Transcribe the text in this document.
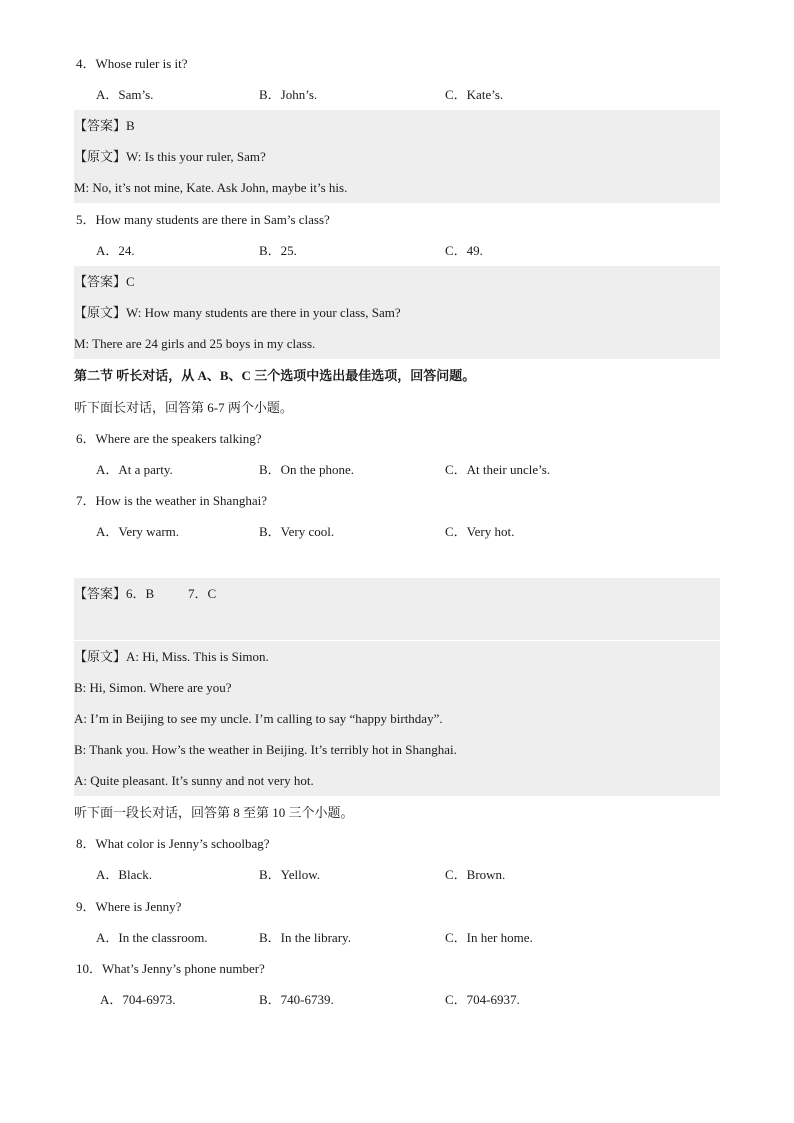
4．Whose ruler is it?
A．Sam’s.	B．John’s.	C．Kate’s.
【答案】B
【原文】W: Is this your ruler, Sam?
M: No, it’s not mine, Kate. Ask John, maybe it’s his.
5．How many students are there in Sam’s class?
A．24.	B．25.	C．49.
【答案】C
【原文】W: How many students are there in your class, Sam?
M: There are 24 girls and 25 boys in my class.
第二节 听长对话，从 A、B、C 三个选项中选出最佳选项，回答问题。
听下面长对话，回答第 6-7 两个小题。
6．Where are the speakers talking?
A．At a party.	B．On the phone.	C．At their uncle’s.
7．How is the weather in Shanghai?
A．Very warm.	B．Very cool.	C．Very hot.
【答案】6．B	7．C
【原文】A: Hi, Miss. This is Simon.
B: Hi, Simon. Where are you?
A: I’m in Beijing to see my uncle. I’m calling to say “happy birthday”.
B: Thank you. How’s the weather in Beijing. It’s terribly hot in Shanghai.
A: Quite pleasant. It’s sunny and not very hot.
听下面一段长对话，回答第 8 至第 10 三个小题。
8．What color is Jenny’s schoolbag?
A．Black.	B．Yellow.	C．Brown.
9．Where is Jenny?
A．In the classroom.	B．In the library.	C．In her home.
10．What’s Jenny’s phone number?
A．704-6973.	B．740-6739.	C．704-6937.
